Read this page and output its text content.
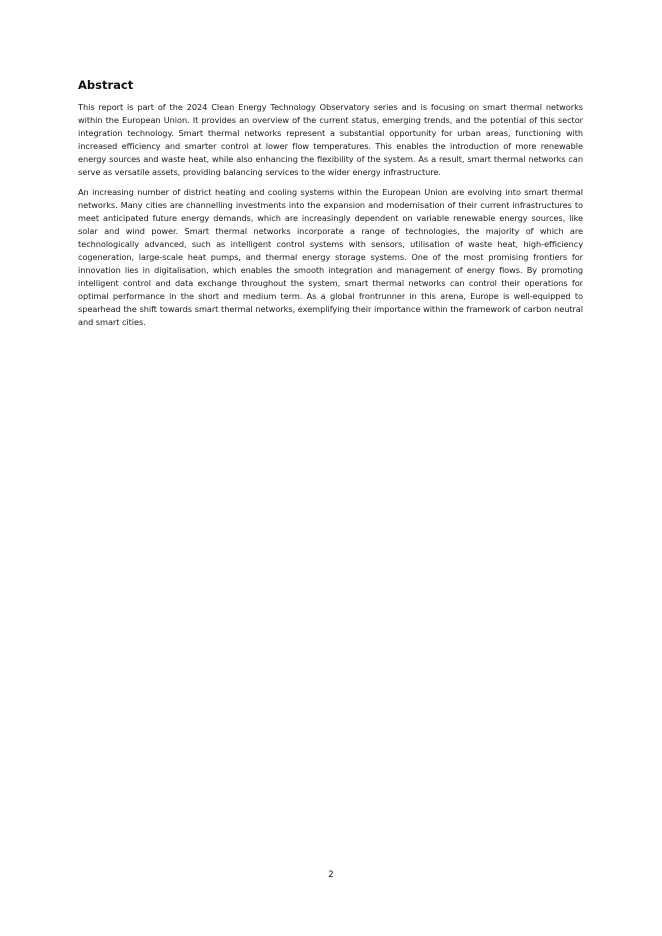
Abstract

This report is part of the 2024 Clean Energy Technology Observatory series and is focusing on smart thermal networks within the European Union. It provides an overview of the current status, emerging trends, and the potential of this sector integration technology. Smart thermal networks represent a substantial opportunity for urban areas, functioning with increased efficiency and smarter control at lower flow temperatures. This enables the introduction of more renewable energy sources and waste heat, while also enhancing the flexibility of the system. As a result, smart thermal networks can serve as versatile assets, providing balancing services to the wider energy infrastructure.

An increasing number of district heating and cooling systems within the European Union are evolving into smart thermal networks. Many cities are channelling investments into the expansion and modernisation of their current infrastructures to meet anticipated future energy demands, which are increasingly dependent on variable renewable energy sources, like solar and wind power. Smart thermal networks incorporate a range of technologies, the majority of which are technologically advanced, such as intelligent control systems with sensors, utilisation of waste heat, high-efficiency cogeneration, large-scale heat pumps, and thermal energy storage systems. One of the most promising frontiers for innovation lies in digitalisation, which enables the smooth integration and management of energy flows. By promoting intelligent control and data exchange throughout the system, smart thermal networks can control their operations for optimal performance in the short and medium term. As a global frontrunner in this arena, Europe is well-equipped to spearhead the shift towards smart thermal networks, exemplifying their importance within the framework of carbon neutral and smart cities.

2
